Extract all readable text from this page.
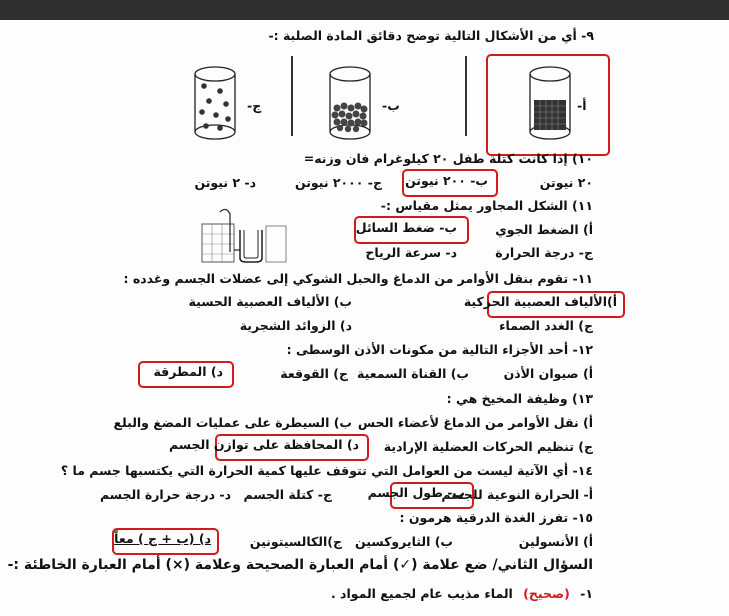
٩- أي من الأشكال التالية توضح دقائق المادة الصلبة :-
أ-
ب-
ج-
١٠) إذا كانت كتلة طفل ٢٠ كيلوغرام فان وزنه=
٢٠ نيوتن
ب- ٢٠٠ نيوتن
ج- ٢٠٠٠ نيوتن
د- ٢ نيوتن
١١) الشكل المجاور يمثل مقياس :-
أ) الضغط الجوي
ب- ضغط السائل
ج- درجة الحرارة
د- سرعة الرياح
١١- تقوم بنقل الأوامر من الدماغ والحبل الشوكي إلى عضلات الجسم وغدده :
أ)الألياف العصبية الحركية
ب) الألياف العصبية الحسية
ج) الغدد الصماء
د) الزوائد الشجرية
١٢- أحد الأجزاء التالية من مكونات الأذن الوسطى :
أ) صيوان الأذن
ب) القناة السمعية
ج) القوقعة
د) المطرقة
١٣) وظيفة المخيخ هي :
أ) نقل الأوامر من الدماغ لأعضاء الحس
ب) السيطرة على عمليات المضغ والبلع
ج) تنظيم الحركات العضلية الإرادية
د) المحافظة على توازن الجسم
١٤- أي الآتية ليست من العوامل التي تتوقف عليها كمية الحرارة التي يكتسبها جسم ما ؟
أ- الحرارة النوعية للجسم
ب- طول الجسم
ج- كتلة الجسم
د- درجة حرارة الجسم
١٥- تفرز الغدة الدرقية هرمون :
أ) الأنسولين
ب) الثايروكسين
ج)الكالسيتونين
د) (ب + ج ) معاً
السؤال الثاني/ ضع علامة (✓) أمام العبارة الصحيحة وعلامة (×) أمام العبارة الخاطئة :-
١- (صحيح) الماء مذيب عام لجميع المواد .
